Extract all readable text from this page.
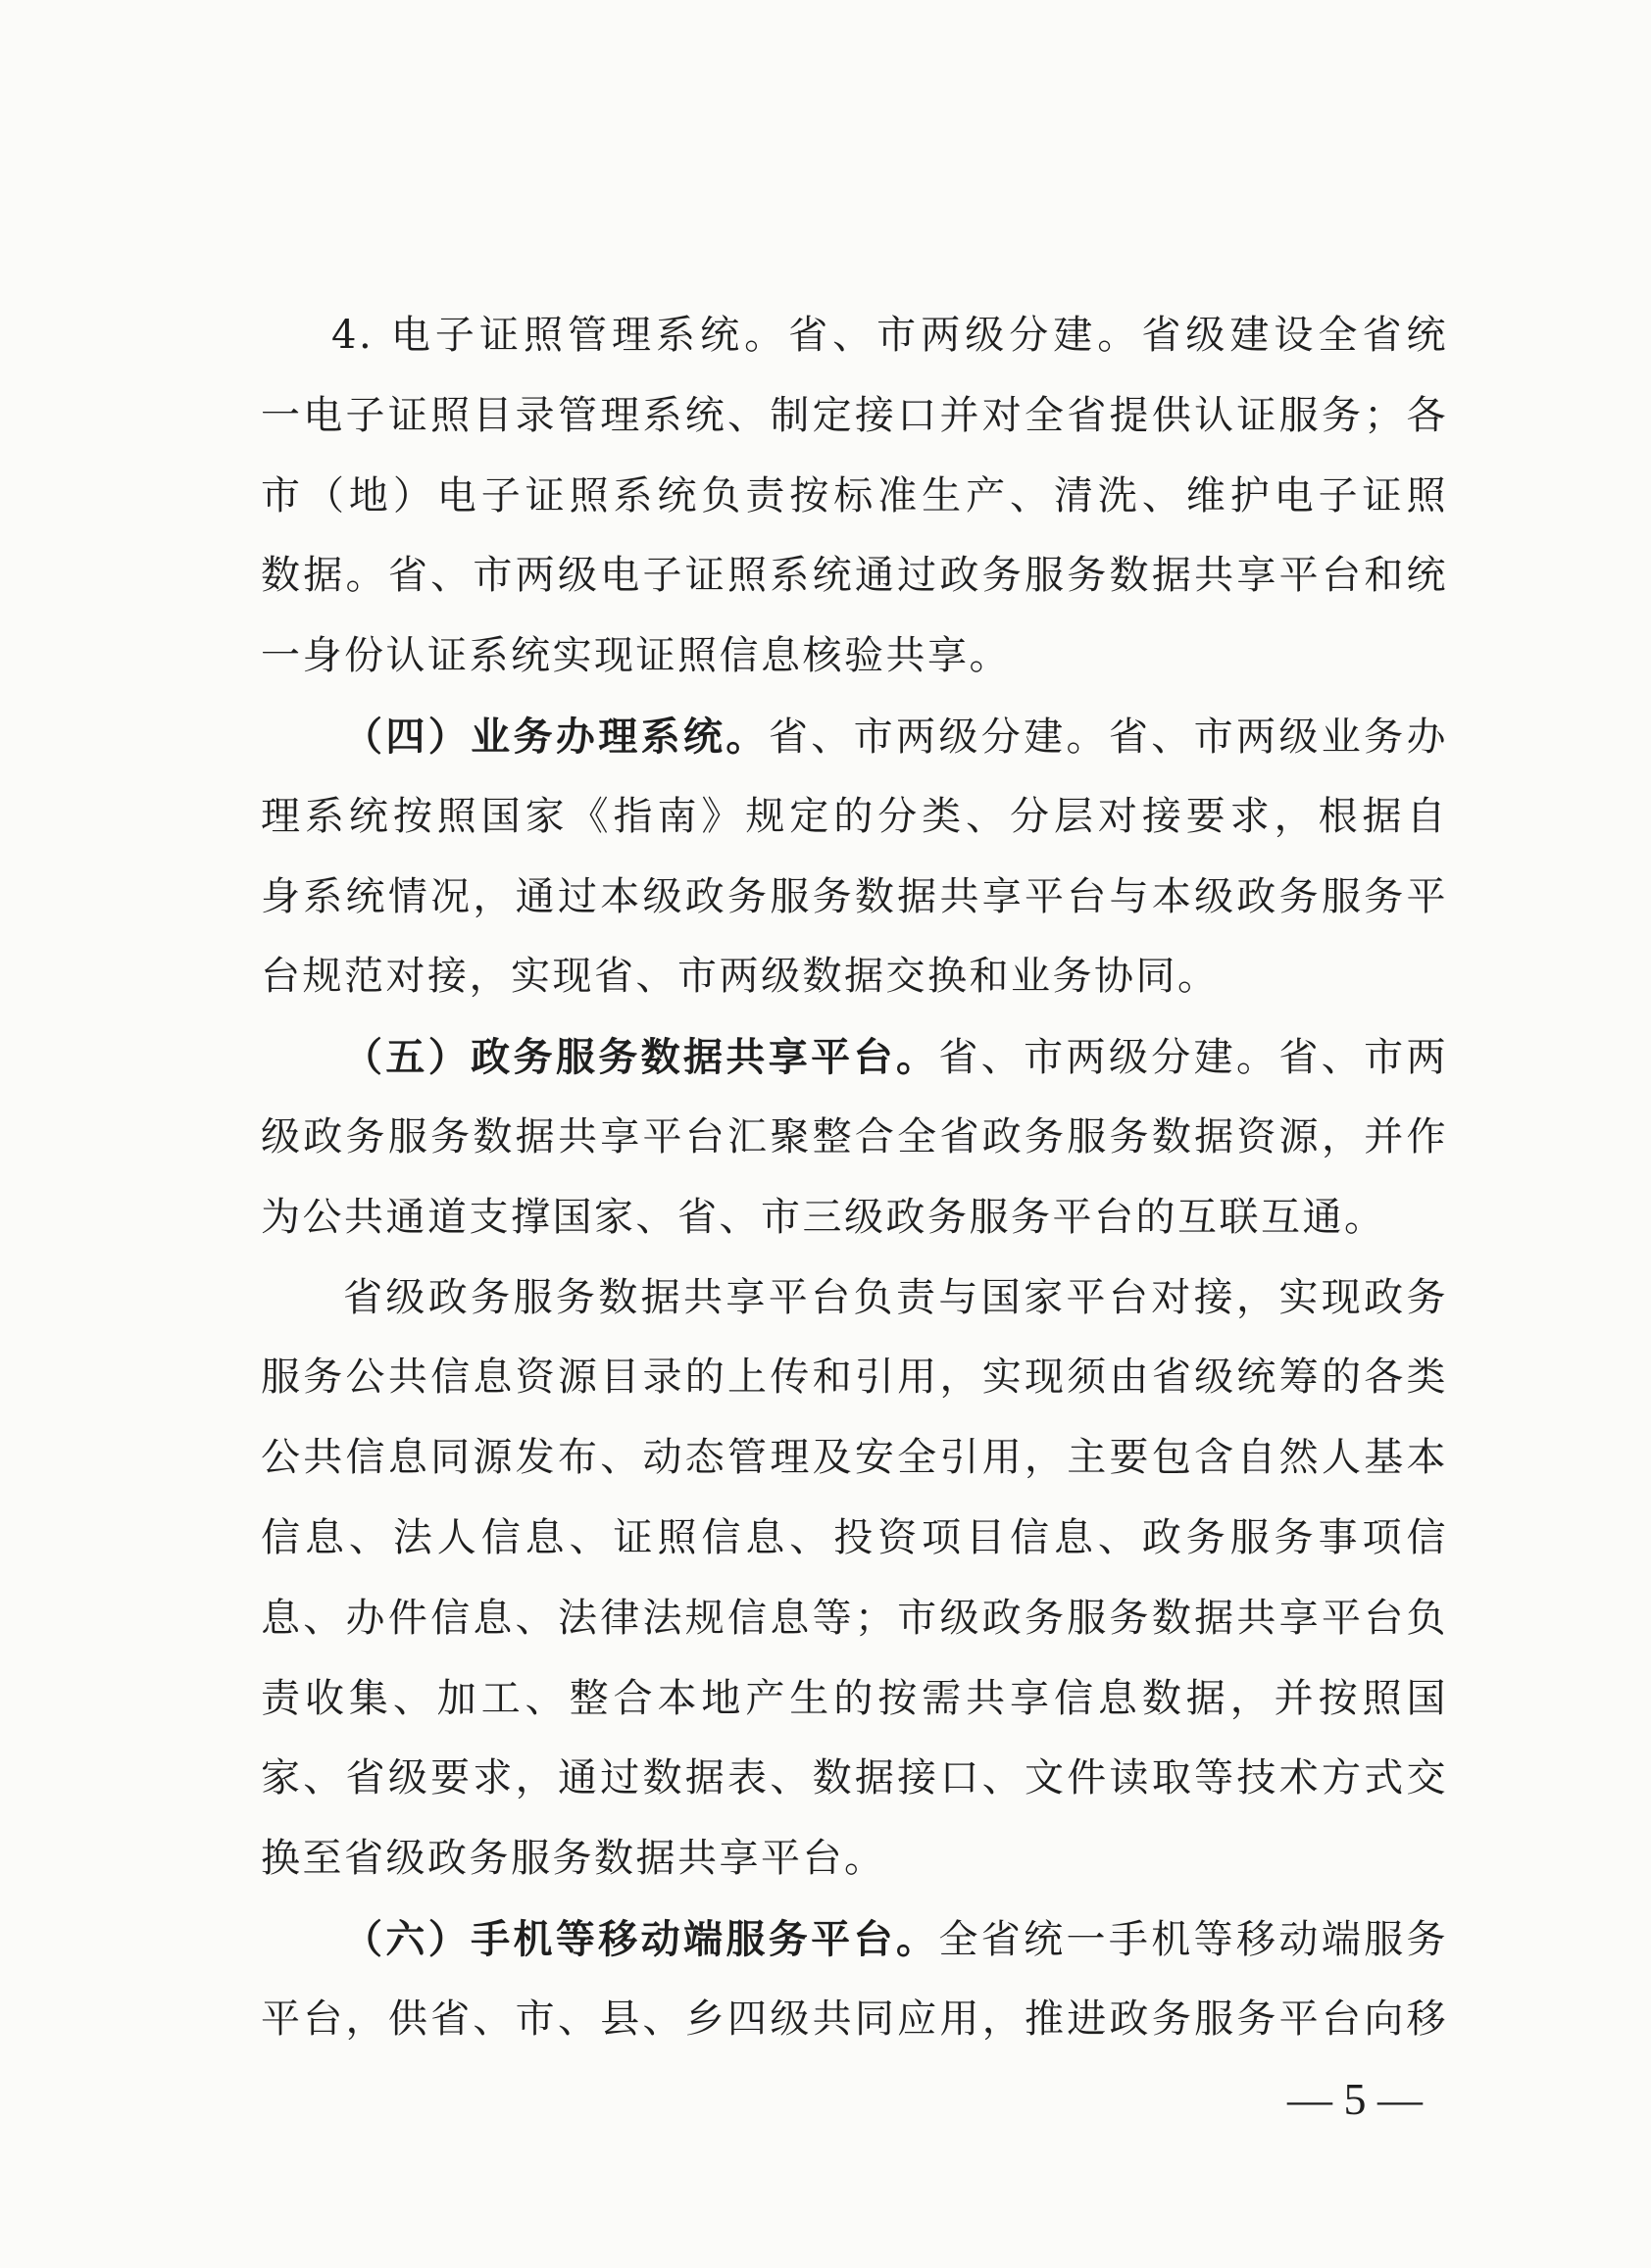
4. 电子证照管理系统。省、市两级分建。省级建设全省统
一电子证照目录管理系统、制定接口并对全省提供认证服务；各
市（地）电子证照系统负责按标准生产、清洗、维护电子证照
数据。省、市两级电子证照系统通过政务服务数据共享平台和统
一身份认证系统实现证照信息核验共享。
（四）业务办理系统。省、市两级分建。省、市两级业务办
理系统按照国家《指南》规定的分类、分层对接要求，根据自
身系统情况，通过本级政务服务数据共享平台与本级政务服务平
台规范对接，实现省、市两级数据交换和业务协同。
（五）政务服务数据共享平台。省、市两级分建。省、市两
级政务服务数据共享平台汇聚整合全省政务服务数据资源，并作
为公共通道支撑国家、省、市三级政务服务平台的互联互通。
省级政务服务数据共享平台负责与国家平台对接，实现政务
服务公共信息资源目录的上传和引用，实现须由省级统筹的各类
公共信息同源发布、动态管理及安全引用，主要包含自然人基本
信息、法人信息、证照信息、投资项目信息、政务服务事项信
息、办件信息、法律法规信息等；市级政务服务数据共享平台负
责收集、加工、整合本地产生的按需共享信息数据，并按照国
家、省级要求，通过数据表、数据接口、文件读取等技术方式交
换至省级政务服务数据共享平台。
（六）手机等移动端服务平台。全省统一手机等移动端服务
平台，供省、市、县、乡四级共同应用，推进政务服务平台向移
— 5 —
